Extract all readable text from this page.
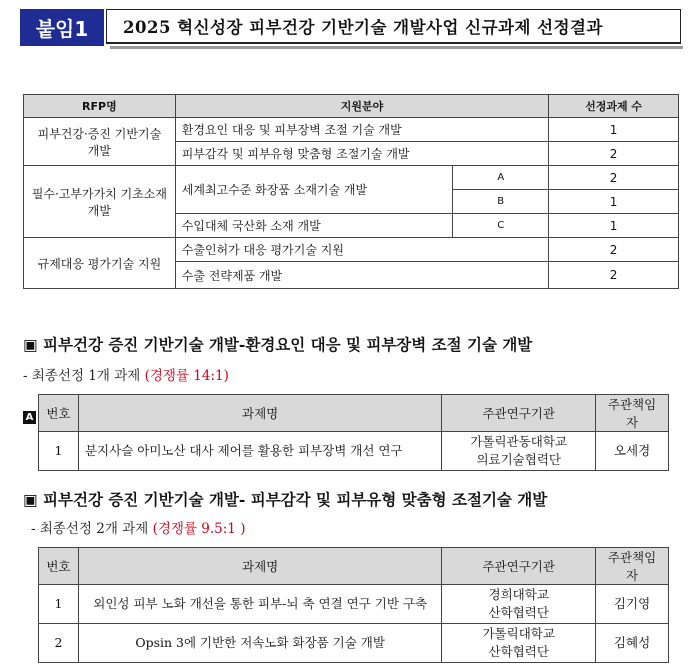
붙임1	2025 혁신성장 피부건강 기반기술 개발사업 신규과제 선정결과
RFP명	지원분야		선정과제 수
피부건강·증진 기반기술 개발	환경요인 대응 및 피부장벽 조절 기술 개발		1
	피부감각 및 피부유형 맞춤형 조절기술 개발		2
필수·고부가가치 기초소재 개발	세계최고수준 화장품 소재기술 개발	A	2
		B	1
	수입대체 국산화 소재 개발	C	1
규제대응 평가기술 지원	수출인허가 대응 평가기술 지원		2
	수출 전략제품 개발		2
▣ 피부건강 증진 기반기술 개발-환경요인 대응 및 피부장벽 조절 기술 개발
- 최종선정 1개 과제 (경쟁률 14:1)
A 번호	과제명	주관연구기관	주관책임자
1	분지사슬 아미노산 대사 제어를 활용한 피부장벽 개선 연구	가톨릭관동대학교
의료기술협력단	오세경
▣ 피부건강 증진 기반기술 개발- 피부감각 및 피부유형 맞춤형 조절기술 개발
- 최종선정 2개 과제 (경쟁률 9.5:1 )
번호	과제명	주관연구기관	주관책임자
1	외인성 피부 노화 개선을 통한 피부-뇌 축 연결 연구 기반 구축	경희대학교
산학협력단	김기영
2	Opsin 3에 기반한 저속노화 화장품 기술 개발	가톨릭대학교
산학협력단	김혜성
